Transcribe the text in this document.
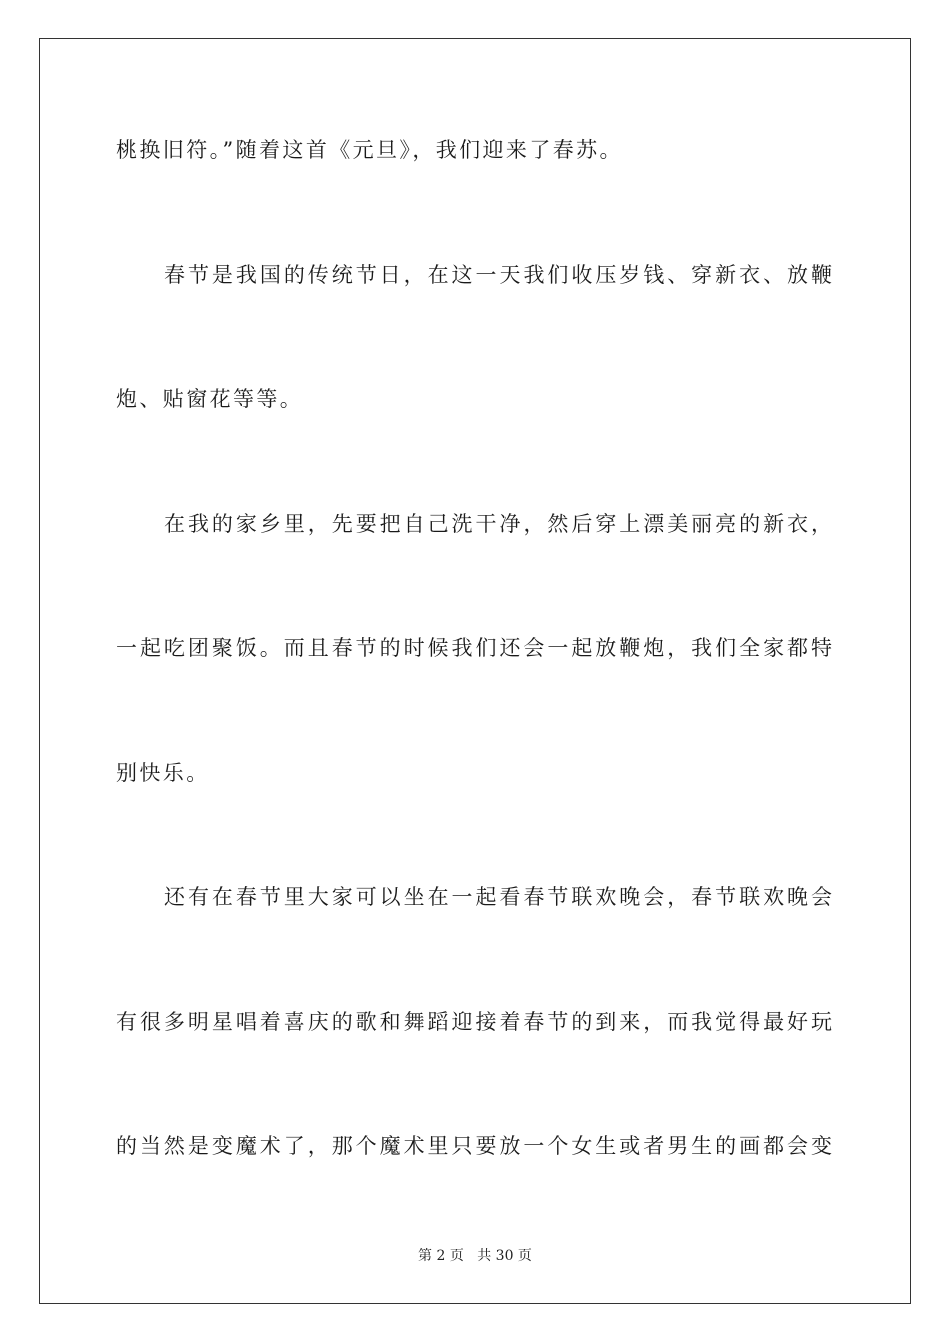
桃换旧符。”随着这首《元旦》，我们迎来了春苏。
春节是我国的传统节日，在这一天我们收压岁钱、穿新衣、放鞭
炮、贴窗花等等。
在我的家乡里，先要把自己洗干净，然后穿上漂美丽亮的新衣，
一起吃团聚饭。而且春节的时候我们还会一起放鞭炮，我们全家都特
别快乐。
还有在春节里大家可以坐在一起看春节联欢晚会，春节联欢晚会
有很多明星唱着喜庆的歌和舞蹈迎接着春节的到来，而我觉得最好玩
的当然是变魔术了，那个魔术里只要放一个女生或者男生的画都会变
第 2 页 共 30 页
